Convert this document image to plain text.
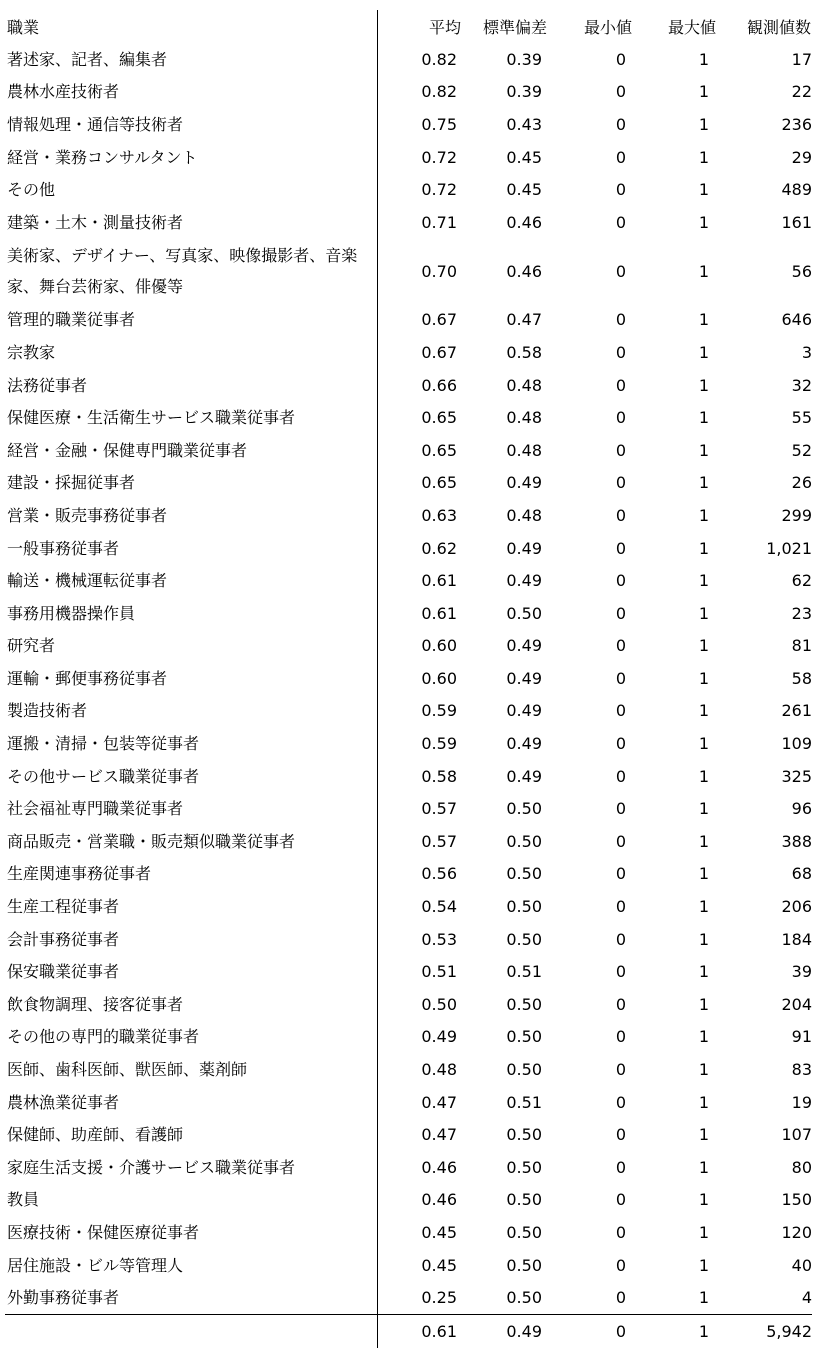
職業	平均	標準偏差	最小値	最大値	観測値数
著述家、記者、編集者	0.82	0.39	0	1	17
農林水産技術者	0.82	0.39	0	1	22
情報処理・通信等技術者	0.75	0.43	0	1	236
経営・業務コンサルタント	0.72	0.45	0	1	29
その他	0.72	0.45	0	1	489
建築・土木・測量技術者	0.71	0.46	0	1	161
美術家、デザイナー、写真家、映像撮影者、音楽家、舞台芸術家、俳優等	0.70	0.46	0	1	56
管理的職業従事者	0.67	0.47	0	1	646
宗教家	0.67	0.58	0	1	3
法務従事者	0.66	0.48	0	1	32
保健医療・生活衛生サービス職業従事者	0.65	0.48	0	1	55
経営・金融・保健専門職業従事者	0.65	0.48	0	1	52
建設・採掘従事者	0.65	0.49	0	1	26
営業・販売事務従事者	0.63	0.48	0	1	299
一般事務従事者	0.62	0.49	0	1	1,021
輸送・機械運転従事者	0.61	0.49	0	1	62
事務用機器操作員	0.61	0.50	0	1	23
研究者	0.60	0.49	0	1	81
運輸・郵便事務従事者	0.60	0.49	0	1	58
製造技術者	0.59	0.49	0	1	261
運搬・清掃・包装等従事者	0.59	0.49	0	1	109
その他サービス職業従事者	0.58	0.49	0	1	325
社会福祉専門職業従事者	0.57	0.50	0	1	96
商品販売・営業職・販売類似職業従事者	0.57	0.50	0	1	388
生産関連事務従事者	0.56	0.50	0	1	68
生産工程従事者	0.54	0.50	0	1	206
会計事務従事者	0.53	0.50	0	1	184
保安職業従事者	0.51	0.51	0	1	39
飲食物調理、接客従事者	0.50	0.50	0	1	204
その他の専門的職業従事者	0.49	0.50	0	1	91
医師、歯科医師、獣医師、薬剤師	0.48	0.50	0	1	83
農林漁業従事者	0.47	0.51	0	1	19
保健師、助産師、看護師	0.47	0.50	0	1	107
家庭生活支援・介護サービス職業従事者	0.46	0.50	0	1	80
教員	0.46	0.50	0	1	150
医療技術・保健医療従事者	0.45	0.50	0	1	120
居住施設・ビル等管理人	0.45	0.50	0	1	40
外勤事務従事者	0.25	0.50	0	1	4
	0.61	0.49	0	1	5,942
